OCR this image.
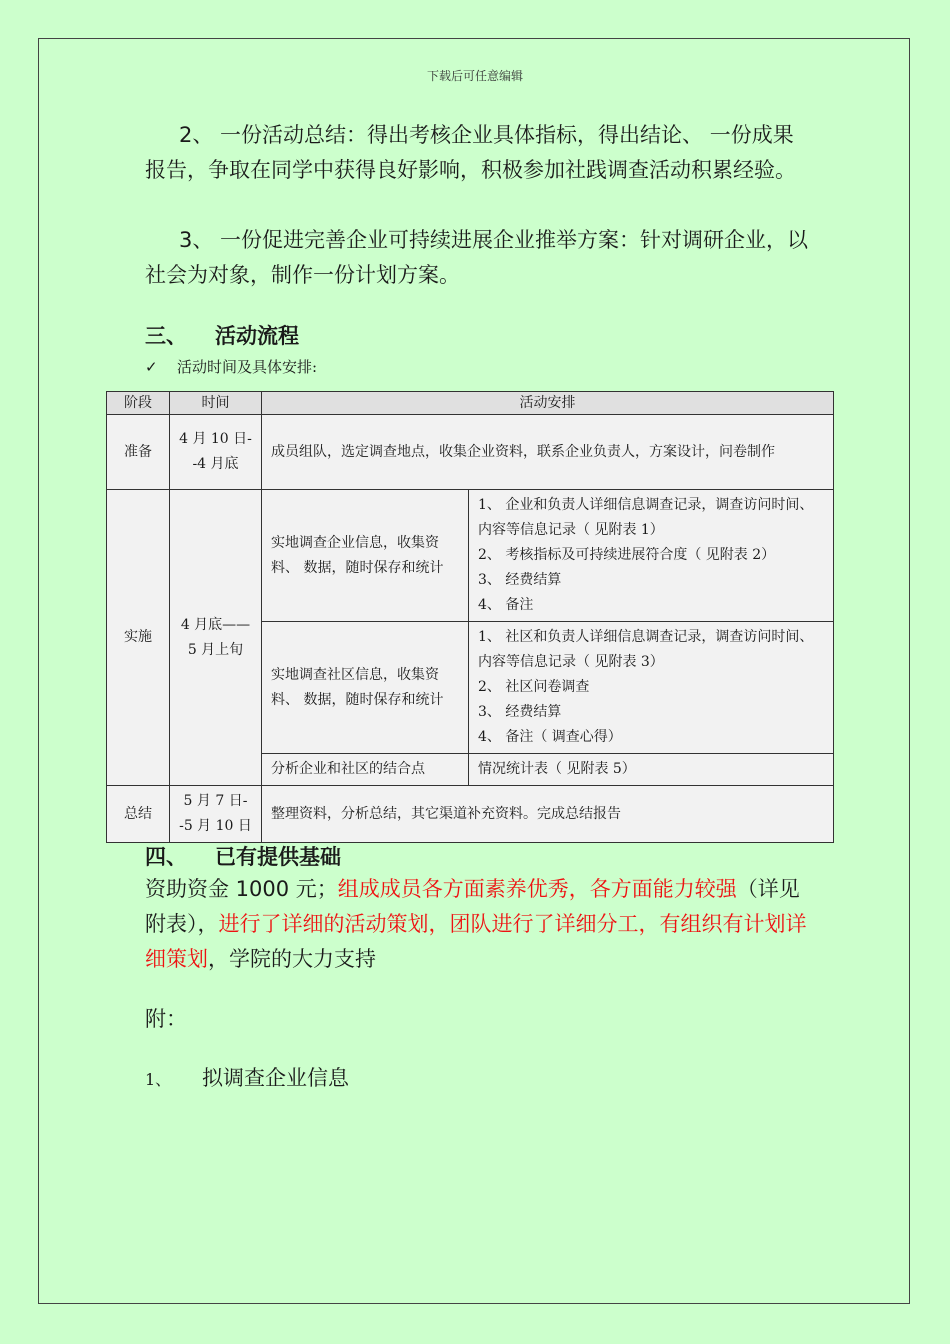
下载后可任意编辑
2、 一份活动总结：得出考核企业具体指标，得出结论、 一份成果报告，争取在同学中获得良好影响，积极参加社践调查活动积累经验。
3、 一份促进完善企业可持续进展企业推举方案：针对调研企业，以社会为对象，制作一份计划方案。
三、 活动流程
✓ 活动时间及具体安排:
阶段	时间	活动安排	
准备	4 月 10 日--4 月底	成员组队，选定调查地点，收集企业资料，联系企业负责人，方案设计，问卷制作	
实施	4 月底——5 月上旬	实地调查企业信息，收集资料、 数据，随时保存和统计	1、 企业和负责人详细信息调查记录，调查访问时间、 内容等信息记录（ 见附表 1）
2、 考核指标及可持续进展符合度（ 见附表 2）
3、 经费结算
4、 备注

		实地调查社区信息，收集资料、 数据，随时保存和统计	1、 社区和负责人详细信息调查记录，调查访问时间、 内容等信息记录（ 见附表 3）
2、 社区问卷调查
3、 经费结算
4、 备注（ 调查心得）

		分析企业和社区的结合点	情况统计表（ 见附表 5）
总结	5 月 7 日--5 月 10 日	整理资料，分析总结，其它渠道补充资料。完成总结报告	
四、 已有提供基础
资助资金 1000 元；组成成员各方面素养优秀，各方面能力较强（详见附表），进行了详细的活动策划，团队进行了详细分工，有组织有计划详细策划，学院的大力支持
附：
1、 拟调查企业信息
